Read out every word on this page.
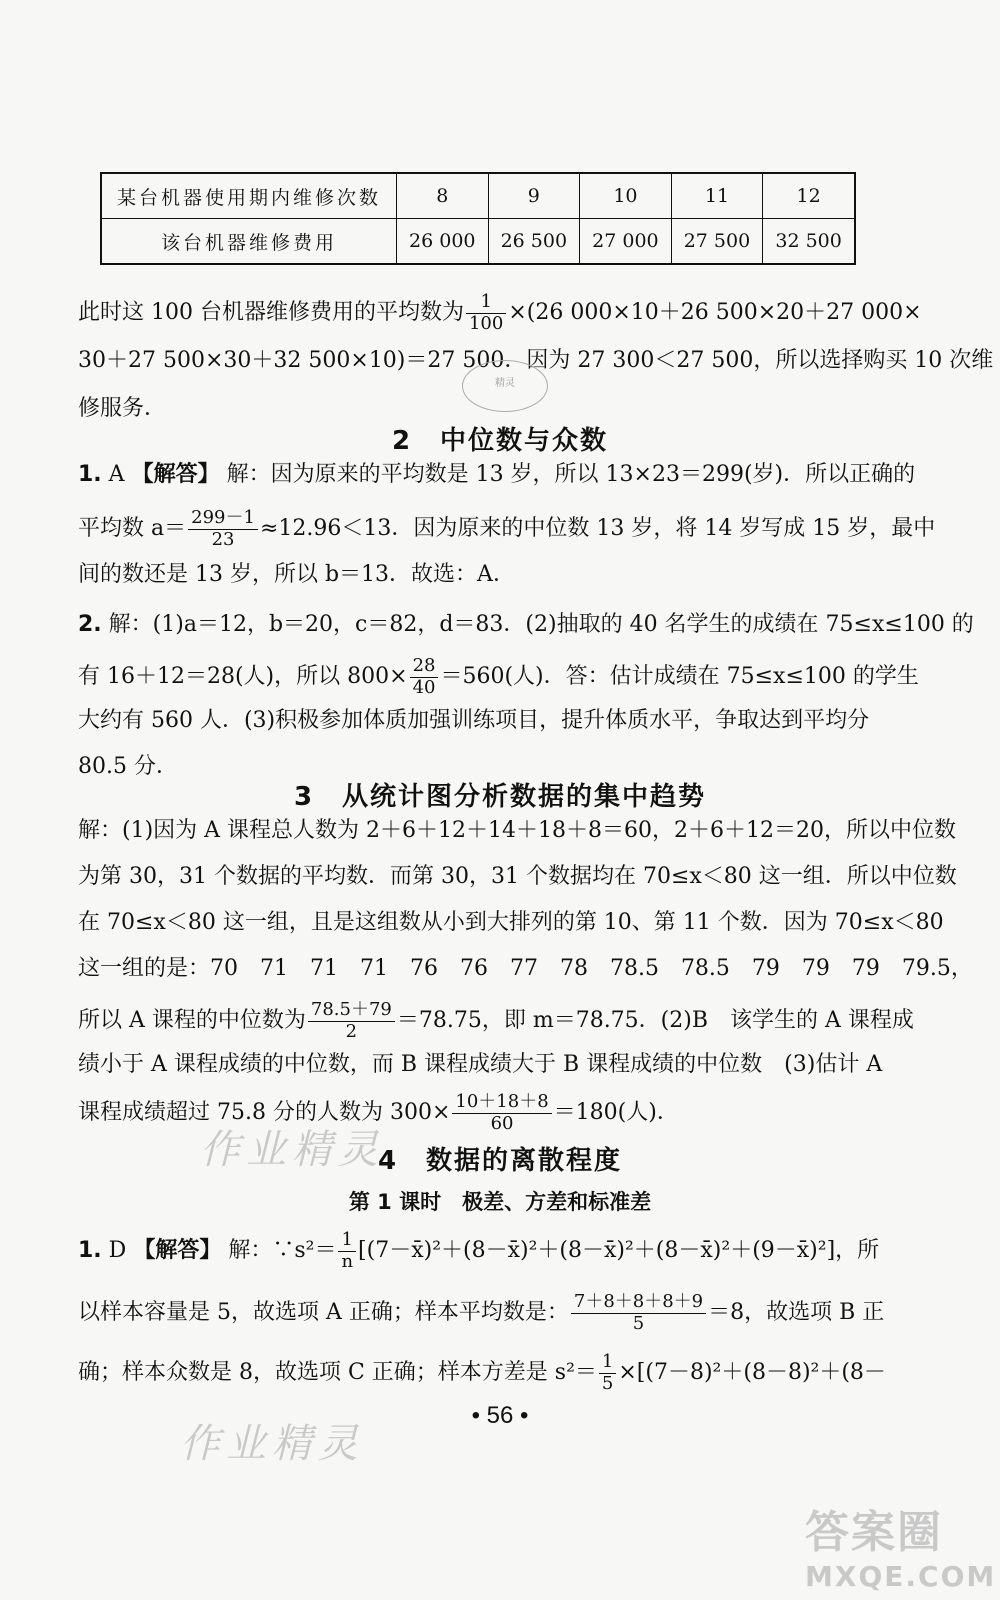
某台机器使用期内维修次数	8	9	10	11	12
该台机器维修费用	26 000	26 500	27 000	27 500	32 500
此时这 100 台机器维修费用的平均数为 $\frac{1}{100} \times(26$ 000×10＋26 500×20＋27 000×
30＋27 500×30＋32 500×10)＝27 500．因为 27 300＜27 500，所以选择购买 10 次维
修服务．
精灵
2　中位数与众数
1. A 【解答】 解：因为原来的平均数是 13 岁，所以 13×23＝299(岁)．所以正确的
平均数 $a= \frac{299-1}{23} \approx 12.96<13$．因为原来的中位数 13 岁，将 14 岁写成 15 岁，最中
间的数还是 13 岁，所以 b＝13．故选：A．
2. 解：(1)a＝12，b＝20，c＝82，d＝83．(2)抽取的 40 名学生的成绩在 75≤x≤100 的
有 16＋12＝28(人)，所以 $800\times \frac{28}{40} =560$(人)．答：估计成绩在 75≤x≤100 的学生
大约有 560 人．(3)积极参加体质加强训练项目，提升体质水平，争取达到平均分
80.5 分．
3　从统计图分析数据的集中趋势
解：(1)因为 A 课程总人数为 2＋6＋12＋14＋18＋8＝60，2＋6＋12＝20，所以中位数
为第 30，31 个数据的平均数．而第 30，31 个数据均在 70≤x＜80 这一组．所以中位数
在 70≤x＜80 这一组，且是这组数从小到大排列的第 10、第 11 个数．因为 70≤x＜80
这一组的是：70　71　71　71　76　76　77　78　78.5　78.5　79　79　79　79.5，
所以 A 课程的中位数为 $\frac{78.5+79}{2} =78.75$，即 m＝78.75．(2)B　该学生的 A 课程成
绩小于 A 课程成绩的中位数，而 B 课程成绩大于 B 课程成绩的中位数　(3)估计 A
课程成绩超过 75.8 分的人数为 $300\times \frac{10+18+8}{60} =180$(人)．
作业精灵
4　数据的离散程度
第 1 课时　极差、方差和标准差
1. D 【解答】 解：∵s²＝ $\frac{1}{n}$ [(7－x̄)²＋(8－x̄)²＋(8－x̄)²＋(8－x̄)²＋(9－x̄)²]，所
以样本容量是 5，故选项 A 正确；样本平均数是： $\frac{7+8+8+8+9}{5} =8$，故选项 B 正
确；样本众数是 8，故选项 C 正确；样本方差是 $s^2= \frac{1}{5} \times[(7-8)^2+(8-8)^2+(8-$
• 56 •
作业精灵
答案圈
MXQE.COM
